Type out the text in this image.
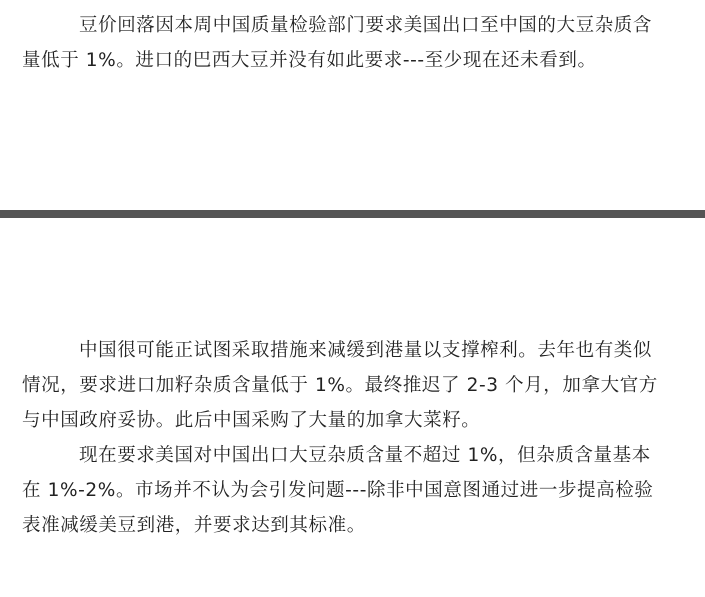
豆价回落因本周中国质量检验部门要求美国出口至中国的大豆杂质含量低于 1%。进口的巴西大豆并没有如此要求---至少现在还未看到。

中国很可能正试图采取措施来减缓到港量以支撑榨利。去年也有类似情况，要求进口加籽杂质含量低于 1%。最终推迟了 2-3 个月，加拿大官方与中国政府妥协。此后中国采购了大量的加拿大菜籽。

现在要求美国对中国出口大豆杂质含量不超过 1%，但杂质含量基本在 1%-2%。市场并不认为会引发问题---除非中国意图通过进一步提高检验表准减缓美豆到港，并要求达到其标准。
